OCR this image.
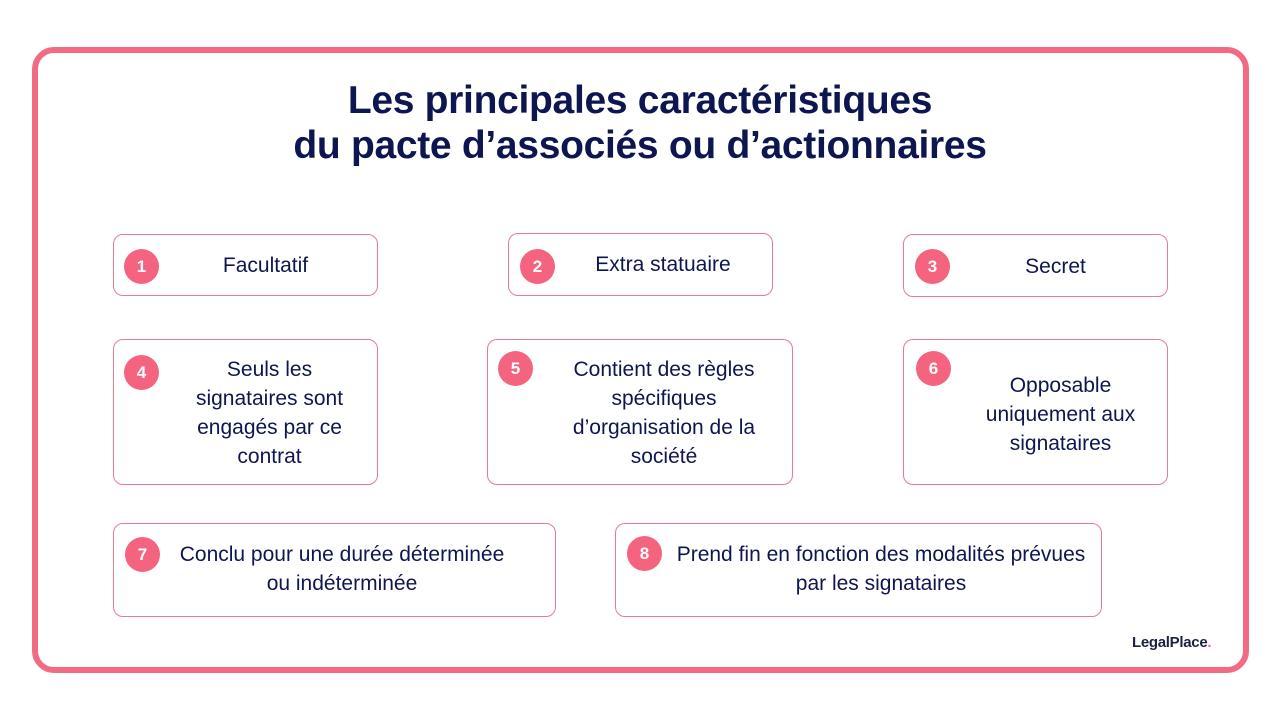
Les principales caractéristiques
du pacte d’associés ou d’actionnaires
1	Facultatif	2	Extra statuaire	3	Secret
4	Seuls les signataires sont engagés par ce contrat
5	Contient des règles spécifiques d’organisation de la société
6
Opposable uniquement aux signataires
7	Conclu pour une durée déterminée ou indéterminée
8	Prend fin en fonction des modalités prévues par les signataires
LegalPlace.
